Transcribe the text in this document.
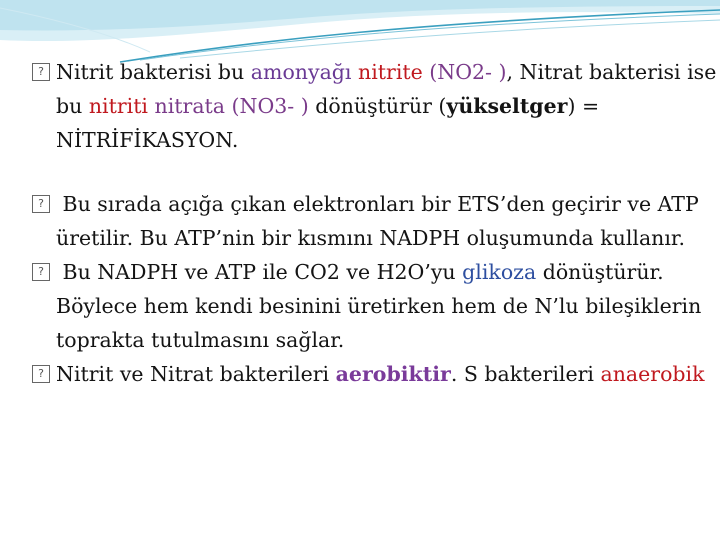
?Nitrit bakterisi bu amonyağı nitrite (NO2- ), Nitrat bakterisi ise bu nitriti nitrata (NO3- ) dönüştürür (yükseltger) = NİTRİFİKASYON.

? Bu sırada açığa çıkan elektronları bir ETS’den geçirir ve ATP üretilir. Bu ATP’nin bir kısmını NADPH oluşumunda kullanır.

? Bu NADPH ve ATP ile CO2 ve H2O’yu glikoza dönüştürür. Böylece hem kendi besinini üretirken hem de N’lu bileşiklerin toprakta tutulmasını sağlar.

?Nitrit ve Nitrat bakterileri aerobiktir. S bakterileri anaerobik
